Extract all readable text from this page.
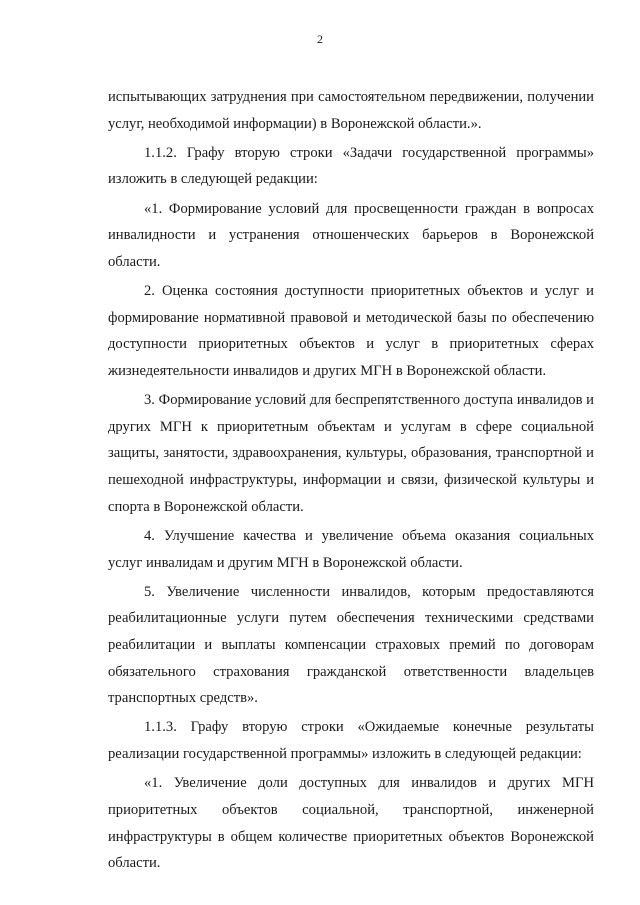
2

испытывающих затруднения при самостоятельном передвижении, получении услуг, необходимой информации) в Воронежской области.».

1.1.2. Графу вторую строки «Задачи государственной программы» изложить в следующей редакции:

«1. Формирование условий для просвещенности граждан в вопросах инвалидности и устранения отношенческих барьеров в Воронежской области.

2. Оценка состояния доступности приоритетных объектов и услуг и формирование нормативной правовой и методической базы по обеспечению доступности приоритетных объектов и услуг в приоритетных сферах жизнедеятельности инвалидов и других МГН в Воронежской области.

3. Формирование условий для беспрепятственного доступа инвалидов и других МГН к приоритетным объектам и услугам в сфере социальной защиты, занятости, здравоохранения, культуры, образования, транспортной и пешеходной инфраструктуры, информации и связи, физической культуры и спорта в Воронежской области.

4. Улучшение качества и увеличение объема оказания социальных услуг инвалидам и другим МГН в Воронежской области.

5. Увеличение численности инвалидов, которым предоставляются реабилитационные услуги путем обеспечения техническими средствами реабилитации и выплаты компенсации страховых премий по договорам обязательного страхования гражданской ответственности владельцев транспортных средств».

1.1.3. Графу вторую строки «Ожидаемые конечные результаты реализации государственной программы» изложить в следующей редакции:

«1. Увеличение доли доступных для инвалидов и других МГН приоритетных объектов социальной, транспортной, инженерной инфраструктуры в общем количестве приоритетных объектов Воронежской области.
